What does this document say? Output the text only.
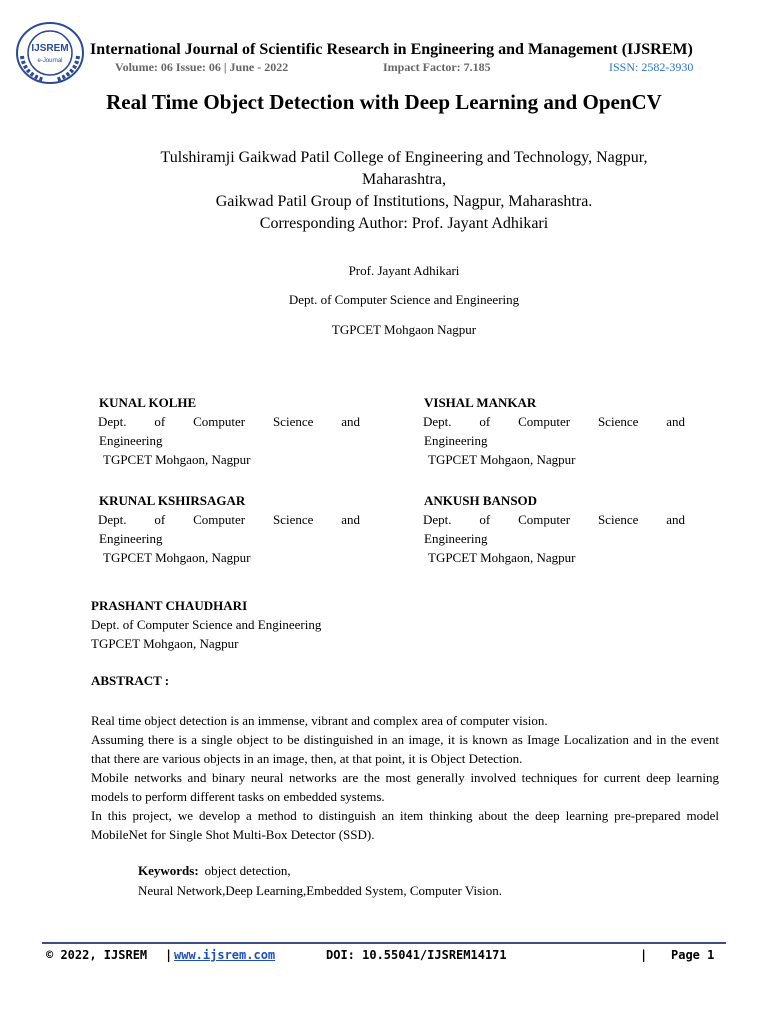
IJSREM
e-Journal
International Journal of Scientific Research in Engineering and Management (IJSREM)
Volume: 06 Issue: 06 | June - 2022	Impact Factor: 7.185	ISSN: 2582-3930
Real Time Object Detection with Deep Learning and OpenCV
Tulshiramji Gaikwad Patil College of Engineering and Technology, Nagpur,
Maharashtra,
Gaikwad Patil Group of Institutions, Nagpur, Maharashtra.
Corresponding Author: Prof. Jayant Adhikari
Prof. Jayant Adhikari
Dept. of Computer Science and Engineering
TGPCET Mohgaon Nagpur
KUNAL KOLHE
Dept. of Computer Science and
Engineering
TGPCET Mohgaon, Nagpur
VISHAL MANKAR
Dept. of Computer Science and
Engineering
TGPCET Mohgaon, Nagpur
KRUNAL KSHIRSAGAR
Dept. of Computer Science and
Engineering
TGPCET Mohgaon, Nagpur
ANKUSH BANSOD
Dept. of Computer Science and
Engineering
TGPCET Mohgaon, Nagpur
PRASHANT CHAUDHARI
Dept. of Computer Science and Engineering
TGPCET Mohgaon, Nagpur
ABSTRACT :

Real time object detection is an immense, vibrant and complex area of computer vision.

Assuming there is a single object to be distinguished in an image, it is known as Image Localization and in the event that there are various objects in an image, then, at that point, it is Object Detection.

Mobile networks and binary neural networks are the most generally involved techniques for current deep learning models to perform different tasks on embedded systems.

In this project, we develop a method to distinguish an item thinking about the deep learning pre-prepared model MobileNet for Single Shot Multi-Box Detector (SSD).

Keywords: object detection,
Neural Network,Deep Learning,Embedded System, Computer Vision.
© 2022, IJSREM | www.ijsrem.com	DOI: 10.55041/IJSREM14171	| Page 1
